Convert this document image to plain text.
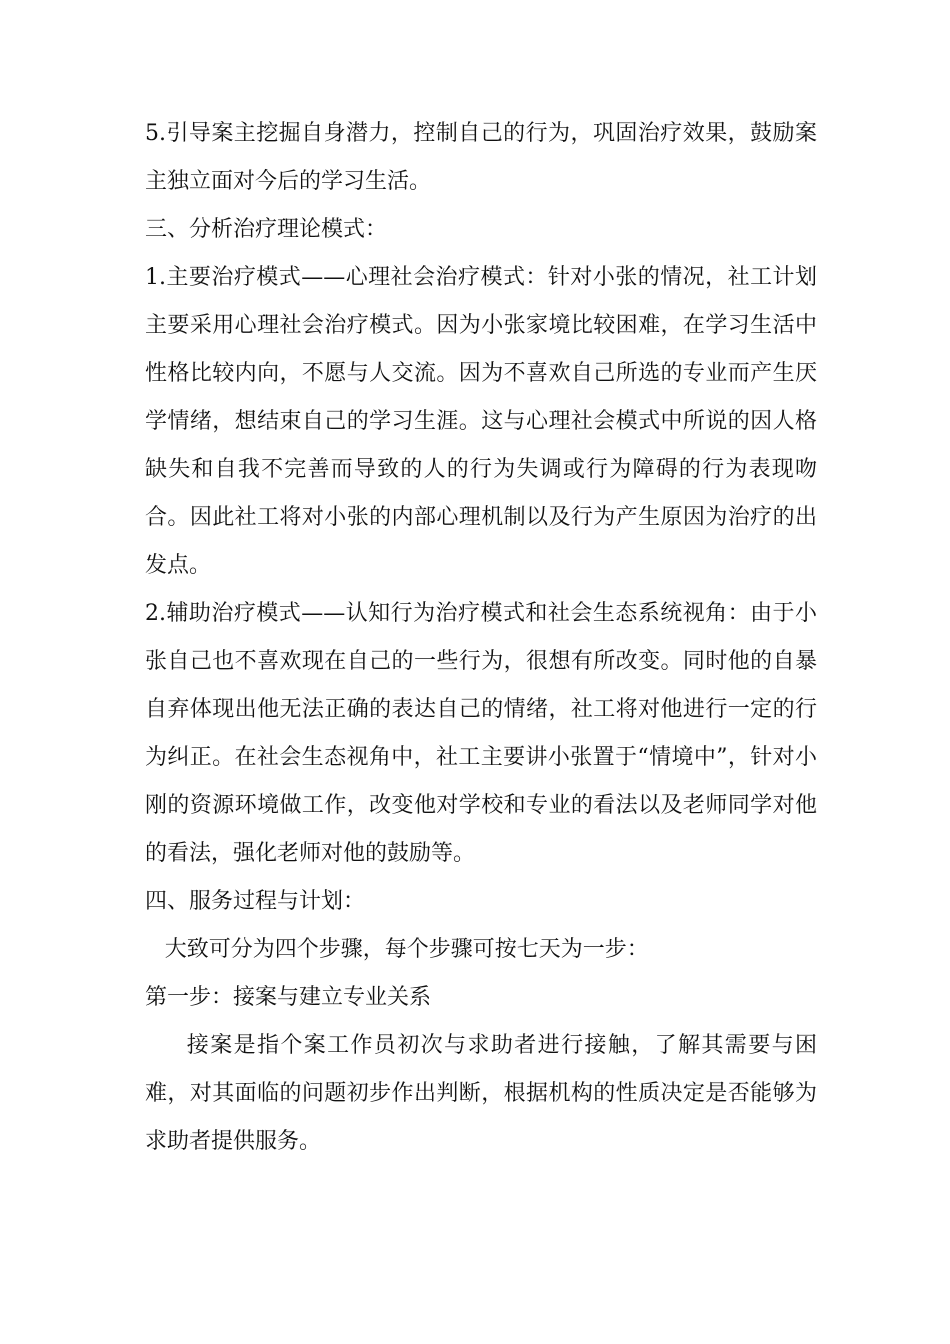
5.引导案主挖掘自身潜力，控制自己的行为，巩固治疗效果，鼓励案主独立面对今后的学习生活。

三、分析治疗理论模式：

1.主要治疗模式——心理社会治疗模式：针对小张的情况，社工计划主要采用心理社会治疗模式。因为小张家境比较困难，在学习生活中性格比较内向，不愿与人交流。因为不喜欢自己所选的专业而产生厌学情绪，想结束自己的学习生涯。这与心理社会模式中所说的因人格缺失和自我不完善而导致的人的行为失调或行为障碍的行为表现吻合。因此社工将对小张的内部心理机制以及行为产生原因为治疗的出发点。

2.辅助治疗模式——认知行为治疗模式和社会生态系统视角：由于小张自己也不喜欢现在自己的一些行为，很想有所改变。同时他的自暴自弃体现出他无法正确的表达自己的情绪，社工将对他进行一定的行为纠正。在社会生态视角中，社工主要讲小张置于“情境中”，针对小刚的资源环境做工作，改变他对学校和专业的看法以及老师同学对他的看法，强化老师对他的鼓励等。

四、服务过程与计划：

大致可分为四个步骤，每个步骤可按七天为一步：

第一步：接案与建立专业关系

接案是指个案工作员初次与求助者进行接触，了解其需要与困难，对其面临的问题初步作出判断，根据机构的性质决定是否能够为求助者提供服务。
